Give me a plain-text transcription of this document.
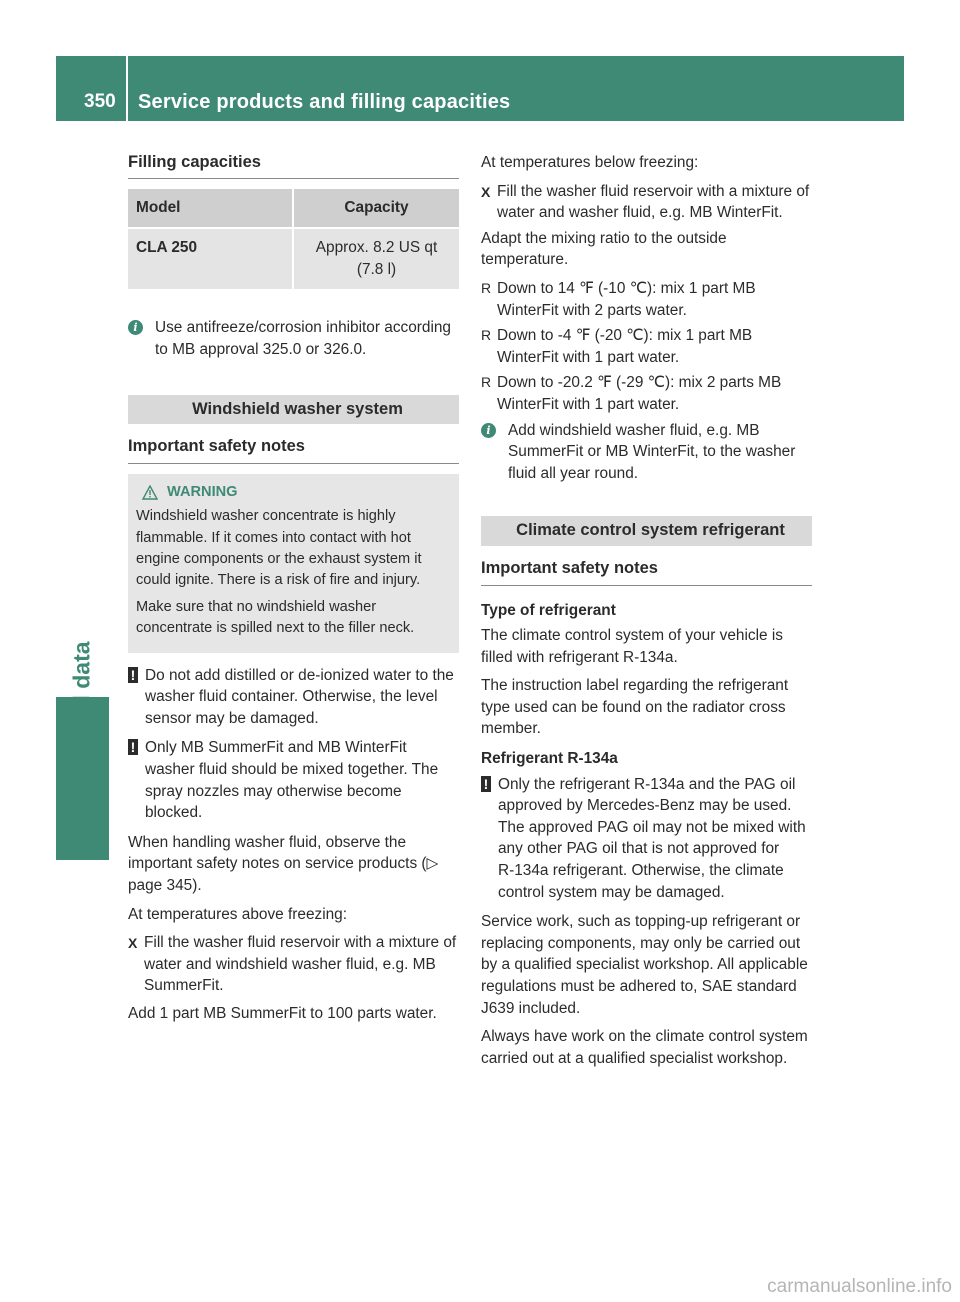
350 Service products and filling capacities
Filling capacities
Model	Capacity
CLA 250	Approx. 8.2 US qt
(7.8 l)
i	Use antifreeze/corrosion inhibitor according to MB approval 325.0 or 326.0.
Windshield washer system
Important safety notes
WARNING

Windshield washer concentrate is highly flammable. If it comes into contact with hot engine components or the exhaust system it could ignite. There is a risk of fire and injury.

Make sure that no windshield washer concentrate is spilled next to the filler neck.

! Do not add distilled or de-ionized water to the washer fluid container. Otherwise, the level sensor may be damaged.
! Only MB SummerFit and MB WinterFit washer fluid should be mixed together. The spray nozzles may otherwise become blocked.

When handling washer fluid, observe the important safety notes on service products (▷ page 345).

At temperatures above freezing:

X Fill the washer fluid reservoir with a mixture of water and windshield washer fluid, e.g. MB SummerFit.

Add 1 part MB SummerFit to 100 parts water.

At temperatures below freezing:

X Fill the washer fluid reservoir with a mixture of water and washer fluid, e.g. MB WinterFit.

Adapt the mixing ratio to the outside temperature.

R Down to 14 ℉ (‑10 ℃): mix 1 part MB WinterFit with 2 parts water.
R Down to ‑4 ℉ (‑20 ℃): mix 1 part MB WinterFit with 1 part water.
R Down to ‑20.2 ℉ (‑29 ℃): mix 2 parts MB WinterFit with 1 part water.
i	Add windshield washer fluid, e.g. MB SummerFit or MB WinterFit, to the washer fluid all year round.
Climate control system refrigerant
Important safety notes
Type of refrigerant

The climate control system of your vehicle is filled with refrigerant R‑134a.

The instruction label regarding the refrigerant type used can be found on the radiator cross member.

Refrigerant R‑134a
! Only the refrigerant R‑134a and the PAG oil approved by Mercedes‑Benz may be used. The approved PAG oil may not be mixed with any other PAG oil that is not approved for R‑134a refrigerant. Otherwise, the climate control system may be damaged.

Service work, such as topping‑up refrigerant or replacing components, may only be carried out by a qualified specialist workshop. All applicable regulations must be adhered to, SAE standard J639 included.

Always have work on the climate control system carried out at a qualified specialist workshop.

carmanualsonline.info
